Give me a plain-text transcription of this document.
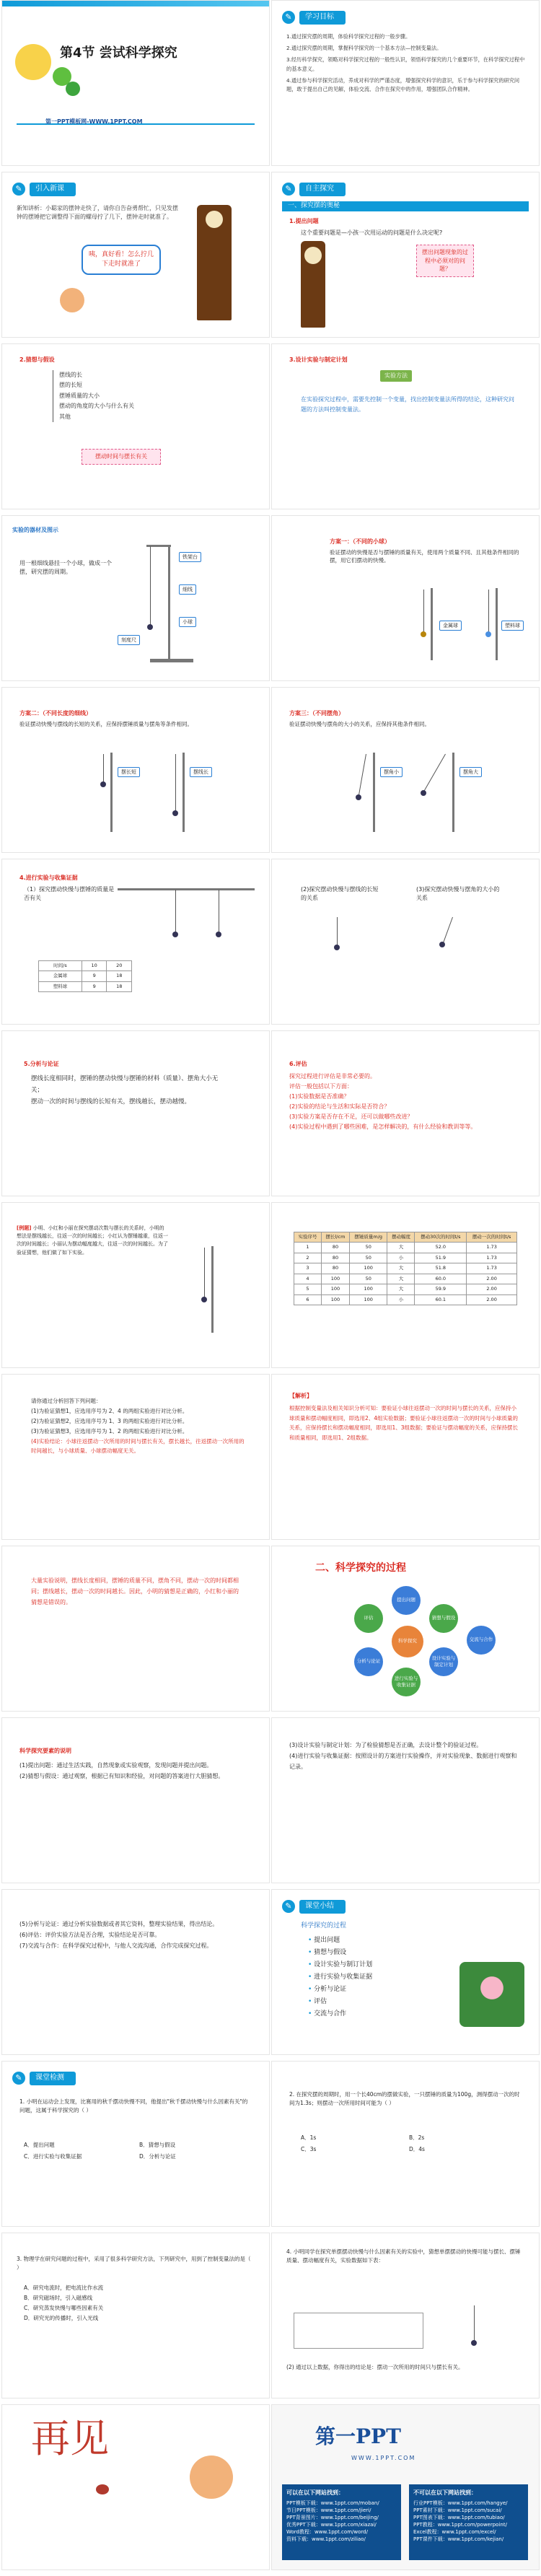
第一章 走进物理世界
第4节 尝试科学探究
第一PPT模板网-WWW.1PPT.COM
✎	学习目标

1.通过探究摆的周期，体验科学探究过程的一般步骤。

2.通过探究摆的周期，掌握科学探究的一个基本方法—控制变量法。

3.经历科学探究，领略对科学探究过程的一般性认识，领悟科学探究的几个重要环节，在科学探究过程中的基本意义。

4.通过参与科学探究活动，养成对科学的严谨态度，增强探究科学的意识，乐于参与科学探究的研究问题，敢于提出自己的见解，体验交流、合作在探究中的作用，增强团队合作精神。

✎	引入新课
新知讲析：小聪家的摆钟走快了，请你自告奋勇帮忙，只见发摆钟的摆锤把它调整得下面的螺母拧了几下，摆钟走时就准了。
咦，真好看！怎么拧几下走时就准了
✎	自主探究
一、探究摆的奥秘
1.提出问题
这个重要问题是—小孩一次用运动的问题是什么决定呢?
摆出问题现象的过程中必须对的问题？
2.猜想与假设
摆线的长
摆的长短
摆锤质量的大小
摆动的角度的大小与什么有关
其他
摆动时间与摆长有关
3.设计实验与制定计划
实验方法
在实验探究过程中，需要先控制一个变量，找出控制变量法所得的结论，这种研究问题的方法叫控制变量法。
实验的器材及图示
用一根细线悬挂一个小球，做成一个摆，研究摆的周期。
铁架台
细线
刻度尺
小球
方案一：（不同的小球）
验证摆动的快慢是否与摆锤的质量有关，使用两个质量不同、且其他条件相同的摆，用它们摆动的快慢。
金属球	塑料球
方案二：（不同长度的细线）
验证摆动快慢与摆线的长短的关系，应保持摆锤质量与摆角等条件相同。
摆长短	摆线长
方案三：（不同摆角）
验证摆动快慢与摆角的大小的关系，应保持其他条件相同。
摆角小	摆角大
4.进行实验与收集证据
（1）探究摆动快慢与摆锤的质量是否有关
时间/s	10	20
金属球	9	18
塑料球	9	18
(2)探究摆动快慢与摆线的长短的关系
(3)探究摆动快慢与摆角的大小的关系
5.分析与论证

摆线长度相同时，摆锤的摆动快慢与摆锤的材料（质量）、摆角大小无关；

摆动一次的时间与摆线的长短有关，摆线越长，摆动越慢。

6.评估
探究过程进行评估是非常必要的。
评估一般包括以下方面：
(1)实验数据是否准确？
(2)实验的结论与生活和实际是否符合？
(3)实验方案是否存在不足，还可以做哪些改进？
(4)实验过程中遇到了哪些困难，是怎样解决的，有什么经验和教训等等。
[例题] 小明、小红和小丽在探究摆动次数与摆长的关系时，小明的想法是摆线越长，往返一次的时间越长；小红认为摆锤越重，往返一次的时间越长；小丽认为摆动幅度越大，往返一次的时间越长。为了验证猜想，他们做了如下实验。
实验序号	摆长l/cm	摆锤质量m/g	摆动幅度	摆动30次的时间t/s	摆动一次的时间t/s
1	80	50	大	52.0	1.73
2	80	50	小	51.9	1.73
3	80	100	大	51.8	1.73
4	100	50	大	60.0	2.00
5	100	100	大	59.9	2.00
6	100	100	小	60.1	2.00
请你通过分析回答下列问题：
(1)为验证猜想1，应选用序号为 2、4 的两组实验进行对比分析。
(2)为验证猜想2，应选用序号为 1、3 的两组实验进行对比分析。
(3)为验证猜想3，应选用序号为 1、2 的两组实验进行对比分析。
(4)实验结论：小球往返摆动一次所用的时间与摆长有关，摆长越长，往返摆动一次所用的时间越长，与小球质量、小球摆动幅度无关。
【解析】
根据控制变量法及相关知识分析可知：要验证小球往返摆动一次的时间与摆长的关系，应保持小球质量和摆动幅度相同，即选用2、4组实验数据；要验证小球往返摆动一次的时间与小球质量的关系，应保持摆长和摆动幅度相同，即选用1、3组数据；要验证与摆动幅度的关系，应保持摆长和质量相同，即选用1、2组数据。
大量实验说明，摆线长度相同，摆锤的质量不同，摆角不同，摆动一次的时间都相同；摆线越长，摆动一次的时间越长。因此，小明的猜想是正确的，小红和小丽的猜想是错误的。
二、科学探究的过程
科学探究
提出问题
猜想与假设
设计实验与制定计划
进行实验与收集证据
分析与论证
评估
交流与合作
科学探究要素的说明
(1)提出问题：通过生活实践，自然现象或实验观察，发现问题并提出问题。
(2)猜想与假设：通过观察，根据已有知识和经验，对问题的答案进行大胆猜想。
(3)设计实验与制定计划：为了检验猜想是否正确，去设计整个的验证过程。
(4)进行实验与收集证据：按照设计的方案进行实验操作，并对实验现象、数据进行观察和记录。
(5)分析与论证：通过分析实验数据或者其它资料，整理实验结果，得出结论。
(6)评估：评价实验方法是否合理，实验结论是否可靠。
(7)交流与合作：在科学探究过程中，与他人交流沟通，合作完成探究过程。
✎	课堂小结
科学探究的过程
• 提出问题
• 猜想与假设
• 设计实验与制订计划
• 进行实验与收集证据
• 分析与论证
• 评估
• 交流与合作
✎	课堂检测
1. 小明在运动会上发现，比赛用的秋千摆动快慢不同，他提出"秋千摆动快慢与什么因素有关"的问题，这属于科学探究的（ ）
A．提出问题	B．猜想与假设
C．进行实验与收集证据	D．分析与论证
2. 在探究摆的周期时，用一个长40cm的摆做实验，一只摆锤的质量为100g，测得摆动一次的时间为1.3s；则摆动一次所用时间可能为（ ）
A．1s	B．2s
C．3s	D．4s
3. 物理学在研究问题的过程中，采用了很多科学研究方法，下列研究中，用到了控制变量法的是（ ）
A．研究电流时，把电流比作水流
B．研究磁场时，引入磁感线
C．研究蒸发快慢与哪些因素有关
D．研究光的传播时，引入光线
4. 小明同学在探究单摆摆动快慢与什么因素有关的实验中，猜想单摆摆动的快慢可能与摆长、摆锤质量、摆动幅度有关，实验数据如下表：
(2) 通过以上数据，你得出的结论是：摆动一次所用的时间只与摆长有关。
再见	第一PPT
WWW.1PPT.COM
可以在以下网站找到：
PPT模板下载：www.1ppt.com/moban/
节日PPT模板：www.1ppt.com/jieri/
PPT背景图片：www.1ppt.com/beijing/
优秀PPT下载：www.1ppt.com/xiazai/
Word教程：www.1ppt.com/word/
资料下载：www.1ppt.com/ziliao/
不可以在以下网站找到：
行业PPT模板：www.1ppt.com/hangye/
PPT素材下载：www.1ppt.com/sucai/
PPT图表下载：www.1ppt.com/tubiao/
PPT教程：www.1ppt.com/powerpoint/
Excel教程：www.1ppt.com/excel/
PPT课件下载：www.1ppt.com/kejian/
